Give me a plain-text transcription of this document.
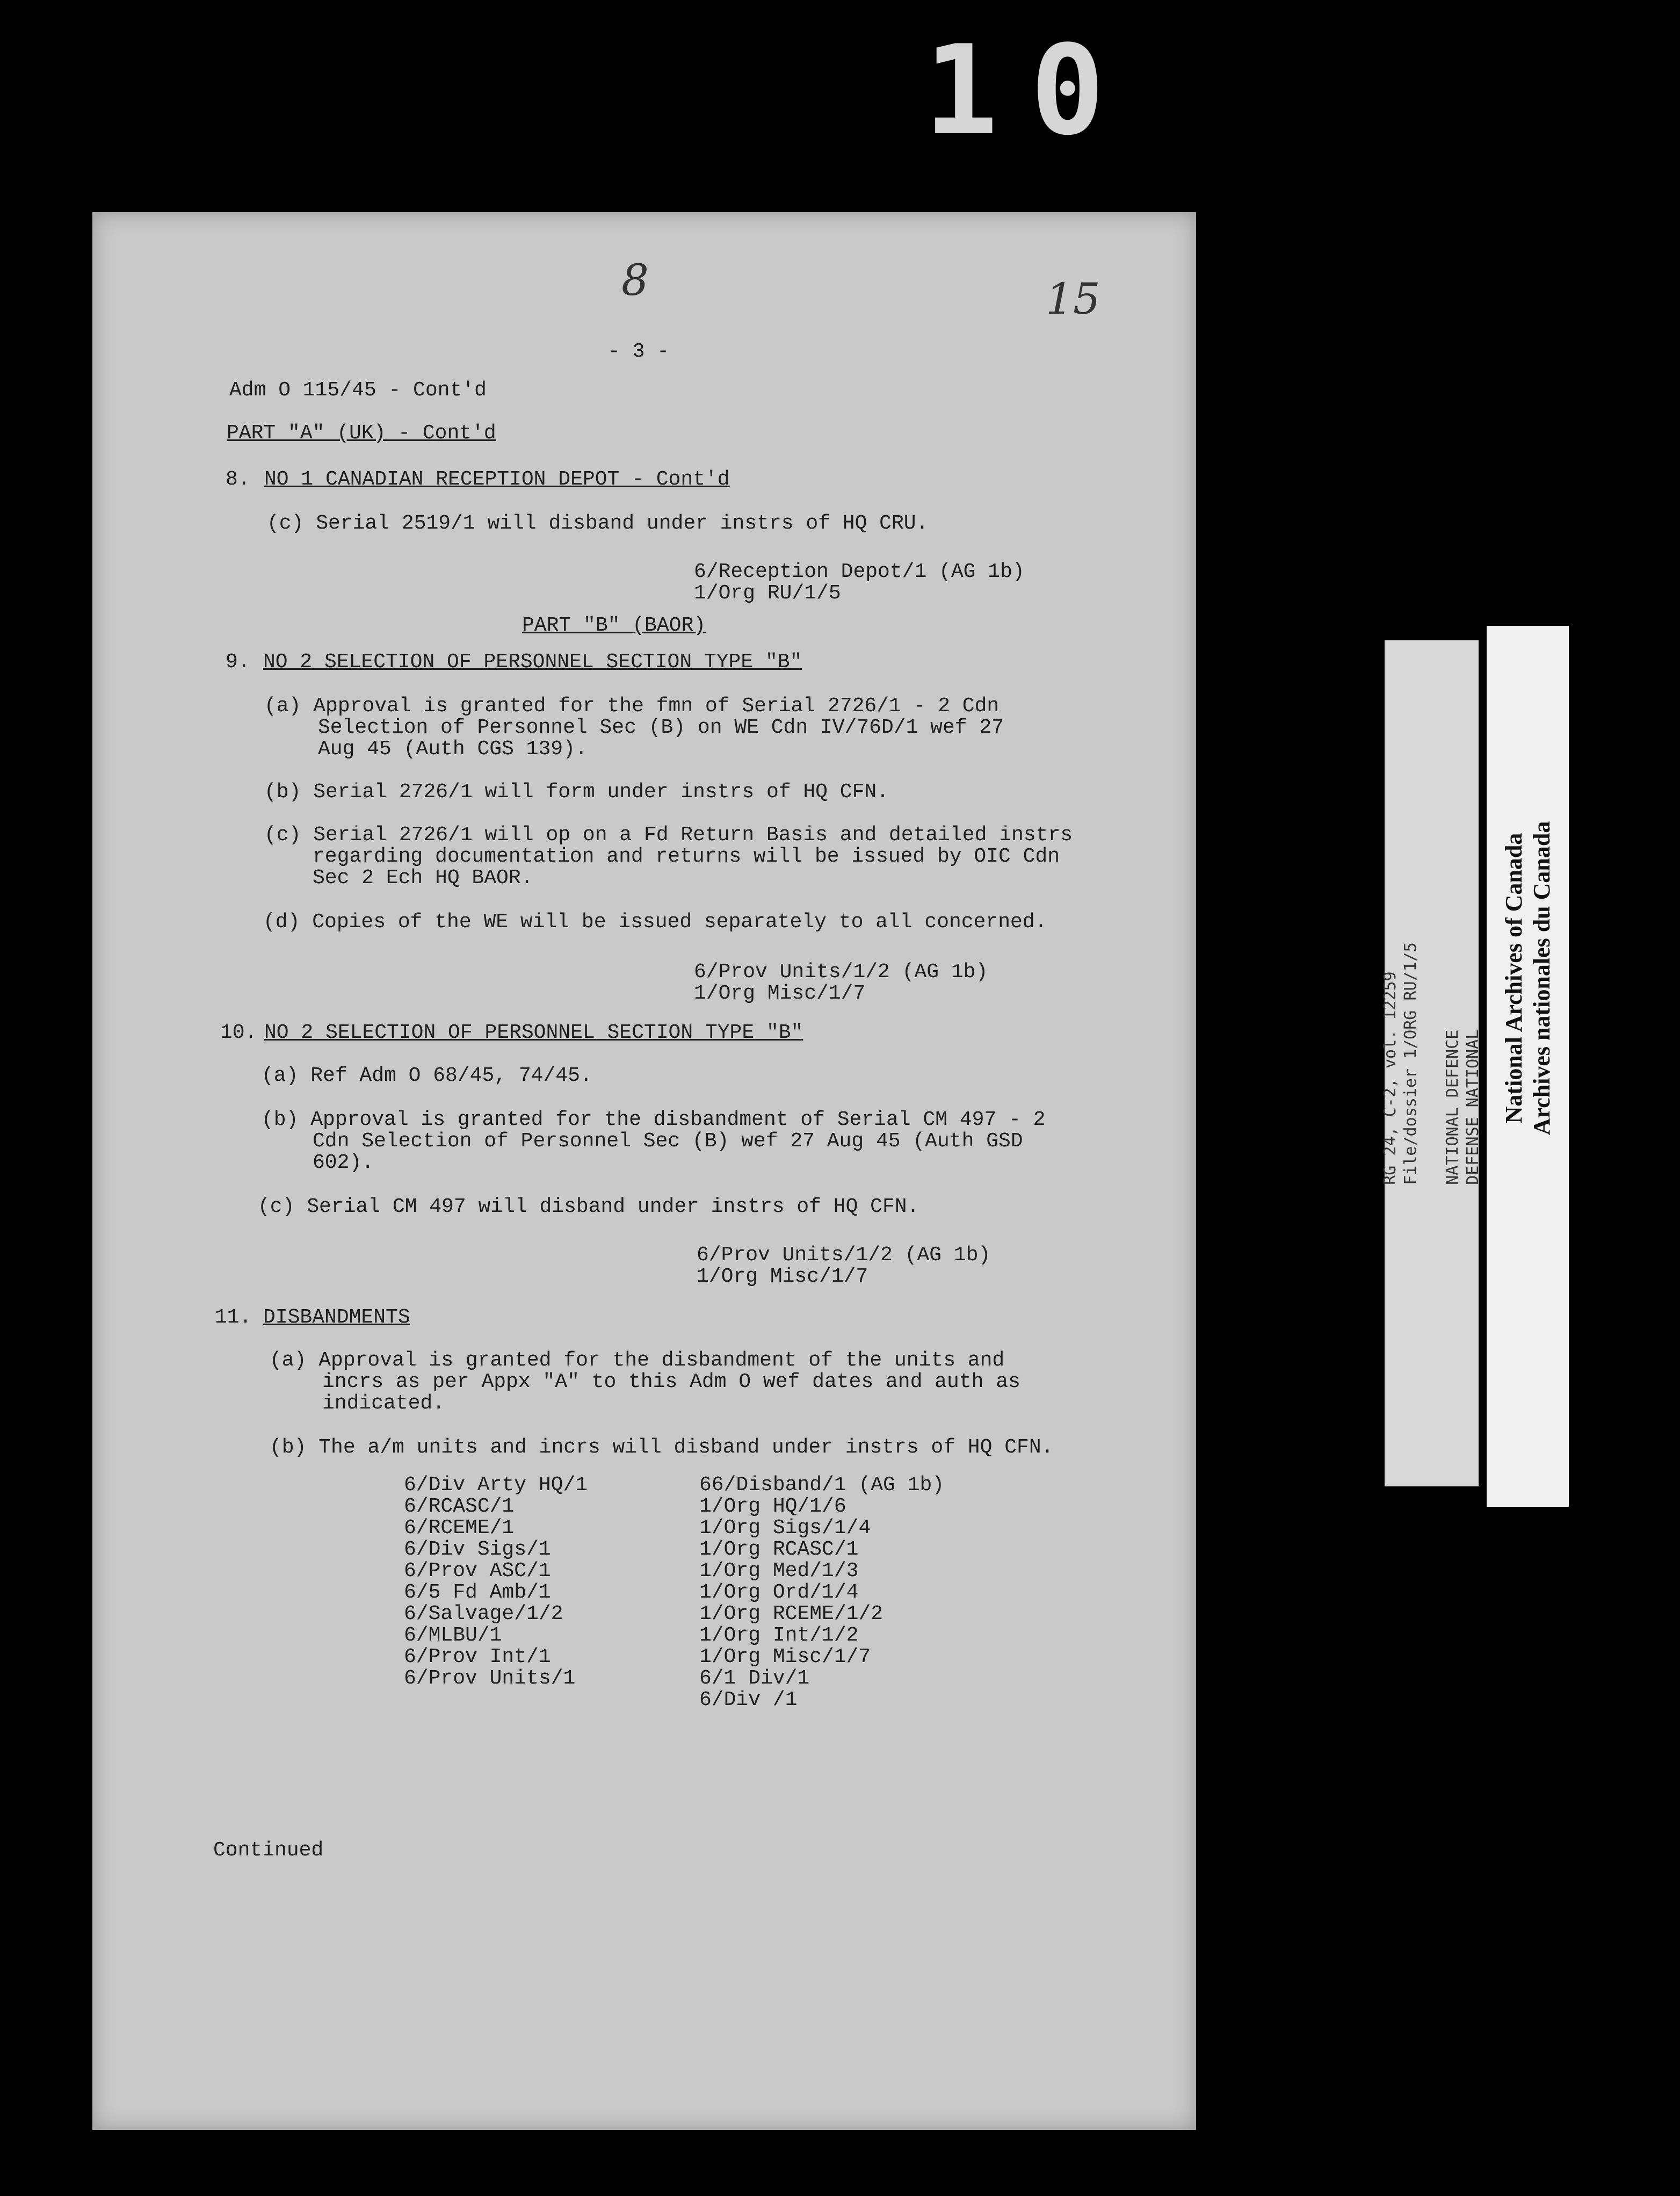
10
8	15
- 3 -
Adm O 115/45 - Cont'd
PART "A" (UK) - Cont'd
8. NO 1 CANADIAN RECEPTION DEPOT - Cont'd
(c) Serial 2519/1 will disband under instrs of HQ CRU.
6/Reception Depot/1 (AG 1b)
1/Org RU/1/5
PART "B" (BAOR)
9. NO 2 SELECTION OF PERSONNEL SECTION TYPE "B"
(a) Approval is granted for the fmn of Serial 2726/1 - 2 Cdn
Selection of Personnel Sec (B) on WE Cdn IV/76D/1 wef 27
Aug 45 (Auth CGS 139).
(b) Serial 2726/1 will form under instrs of HQ CFN.
(c) Serial 2726/1 will op on a Fd Return Basis and detailed instrs
regarding documentation and returns will be issued by OIC Cdn
Sec 2 Ech HQ BAOR.
(d) Copies of the WE will be issued separately to all concerned.
6/Prov Units/1/2 (AG 1b)
1/Org Misc/1/7
10. NO 2 SELECTION OF PERSONNEL SECTION TYPE "B"
(a) Ref Adm O 68/45, 74/45.
(b) Approval is granted for the disbandment of Serial CM 497 - 2
Cdn Selection of Personnel Sec (B) wef 27 Aug 45 (Auth GSD
602).
(c) Serial CM 497 will disband under instrs of HQ CFN.
6/Prov Units/1/2 (AG 1b)
1/Org Misc/1/7
11. DISBANDMENTS
(a) Approval is granted for the disbandment of the units and
incrs as per Appx "A" to this Adm O wef dates and auth as
indicated.
(b) The a/m units and incrs will disband under instrs of HQ CFN.
6/Div Arty HQ/1
6/RCASC/1
6/RCEME/1
6/Div Sigs/1
6/Prov ASC/1
6/5 Fd Amb/1
6/Salvage/1/2
6/MLBU/1
6/Prov Int/1
6/Prov Units/1
66/Disband/1 (AG 1b)
1/Org HQ/1/6
1/Org Sigs/1/4
1/Org RCASC/1
1/Org Med/1/3
1/Org Ord/1/4
1/Org RCEME/1/2
1/Org Int/1/2
1/Org Misc/1/7
6/1 Div/1
6/Div /1
Continued
RG 24, C-2, vol. 12259 File/dossier 1/ORG RU/1/5 NATIONAL DEFENCE DEFENSE NATIONAL National Archives of Canada Archives nationales du Canada
